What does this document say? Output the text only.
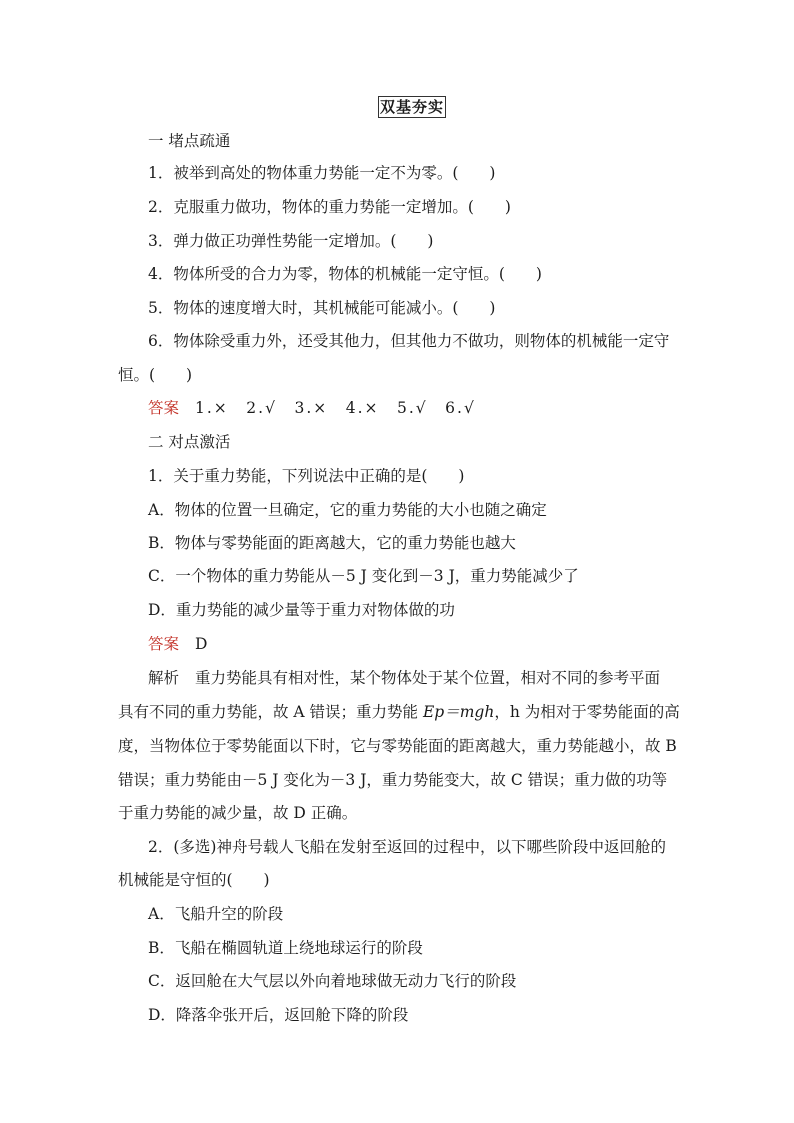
双基夯实
一 堵点疏通
1．被举到高处的物体重力势能一定不为零。(　　)
2．克服重力做功，物体的重力势能一定增加。(　　)
3．弹力做正功弹性势能一定增加。(　　)
4．物体所受的合力为零，物体的机械能一定守恒。(　　)
5．物体的速度增大时，其机械能可能减小。(　　)
6．物体除受重力外，还受其他力，但其他力不做功，则物体的机械能一定守
恒。(　　)
答案 1.×　2.√　3.×　4.×　5.√　6.√
二 对点激活
1．关于重力势能，下列说法中正确的是(　　)
A．物体的位置一旦确定，它的重力势能的大小也随之确定
B．物体与零势能面的距离越大，它的重力势能也越大
C．一个物体的重力势能从－5 J 变化到－3 J，重力势能减少了
D．重力势能的减少量等于重力对物体做的功
答案 D
解析 重力势能具有相对性，某个物体处于某个位置，相对不同的参考平面
具有不同的重力势能，故 A 错误；重力势能 Ep＝mgh，h 为相对于零势能面的高
度，当物体位于零势能面以下时，它与零势能面的距离越大，重力势能越小，故 B
错误；重力势能由－5 J 变化为－3 J，重力势能变大，故 C 错误；重力做的功等
于重力势能的减少量，故 D 正确。
2．(多选)神舟号载人飞船在发射至返回的过程中，以下哪些阶段中返回舱的
机械能是守恒的(　　)
A．飞船升空的阶段
B．飞船在椭圆轨道上绕地球运行的阶段
C．返回舱在大气层以外向着地球做无动力飞行的阶段
D．降落伞张开后，返回舱下降的阶段
